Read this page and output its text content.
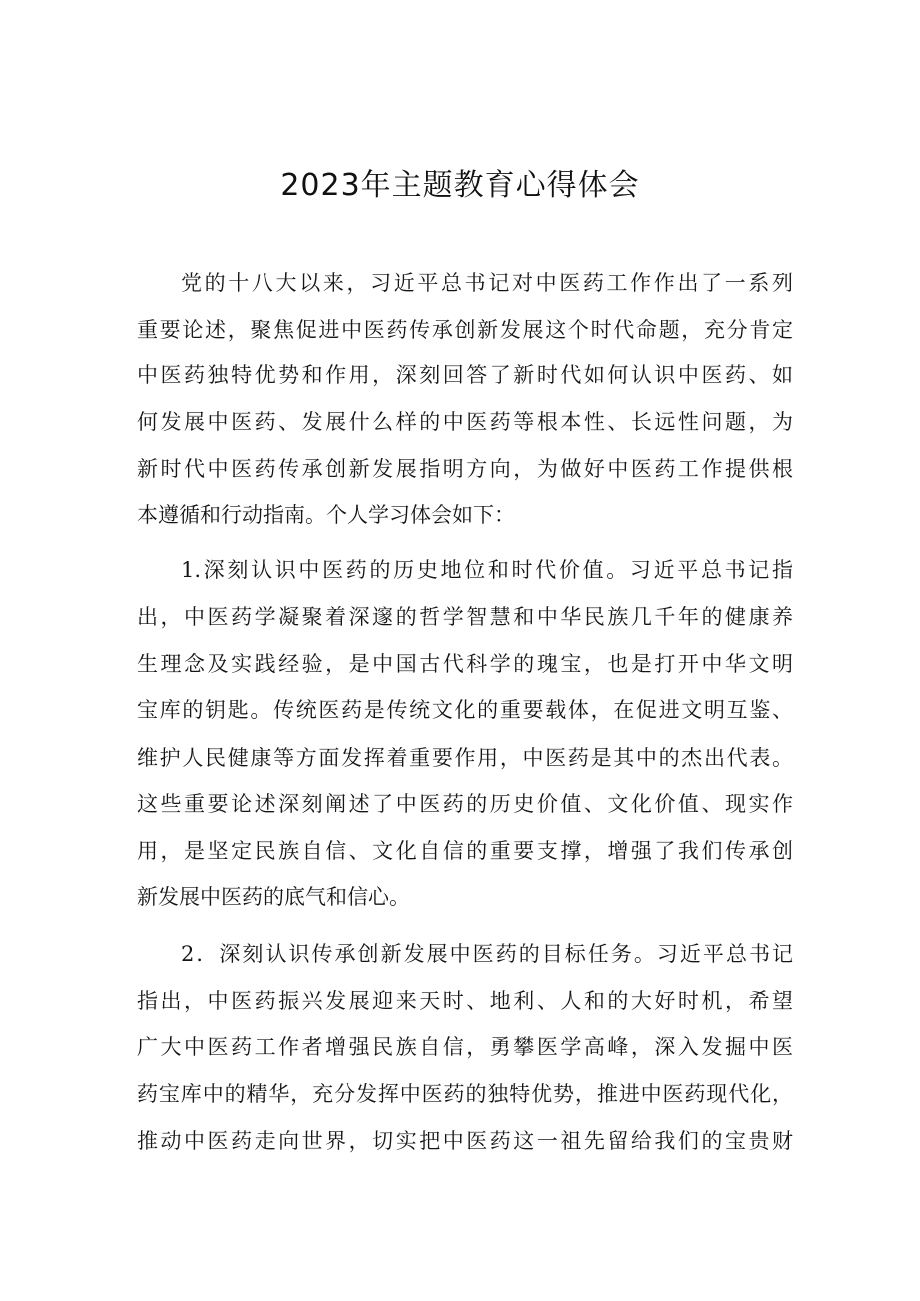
2023年主题教育心得体会

党的十八大以来，习近平总书记对中医药工作作出了一系列

重要论述，聚焦促进中医药传承创新发展这个时代命题，充分肯定

中医药独特优势和作用，深刻回答了新时代如何认识中医药、如

何发展中医药、发展什么样的中医药等根本性、长远性问题，为

新时代中医药传承创新发展指明方向，为做好中医药工作提供根

本遵循和行动指南。个人学习体会如下：

1.深刻认识中医药的历史地位和时代价值。习近平总书记指

出，中医药学凝聚着深邃的哲学智慧和中华民族几千年的健康养

生理念及实践经验，是中国古代科学的瑰宝，也是打开中华文明

宝库的钥匙。传统医药是传统文化的重要载体，在促进文明互鉴、

维护人民健康等方面发挥着重要作用，中医药是其中的杰出代表。

这些重要论述深刻阐述了中医药的历史价值、文化价值、现实作

用，是坚定民族自信、文化自信的重要支撑，增强了我们传承创

新发展中医药的底气和信心。

2．深刻认识传承创新发展中医药的目标任务。习近平总书记

指出，中医药振兴发展迎来天时、地利、人和的大好时机，希望

广大中医药工作者增强民族自信，勇攀医学高峰，深入发掘中医

药宝库中的精华，充分发挥中医药的独特优势，推进中医药现代化，

推动中医药走向世界，切实把中医药这一祖先留给我们的宝贵财
